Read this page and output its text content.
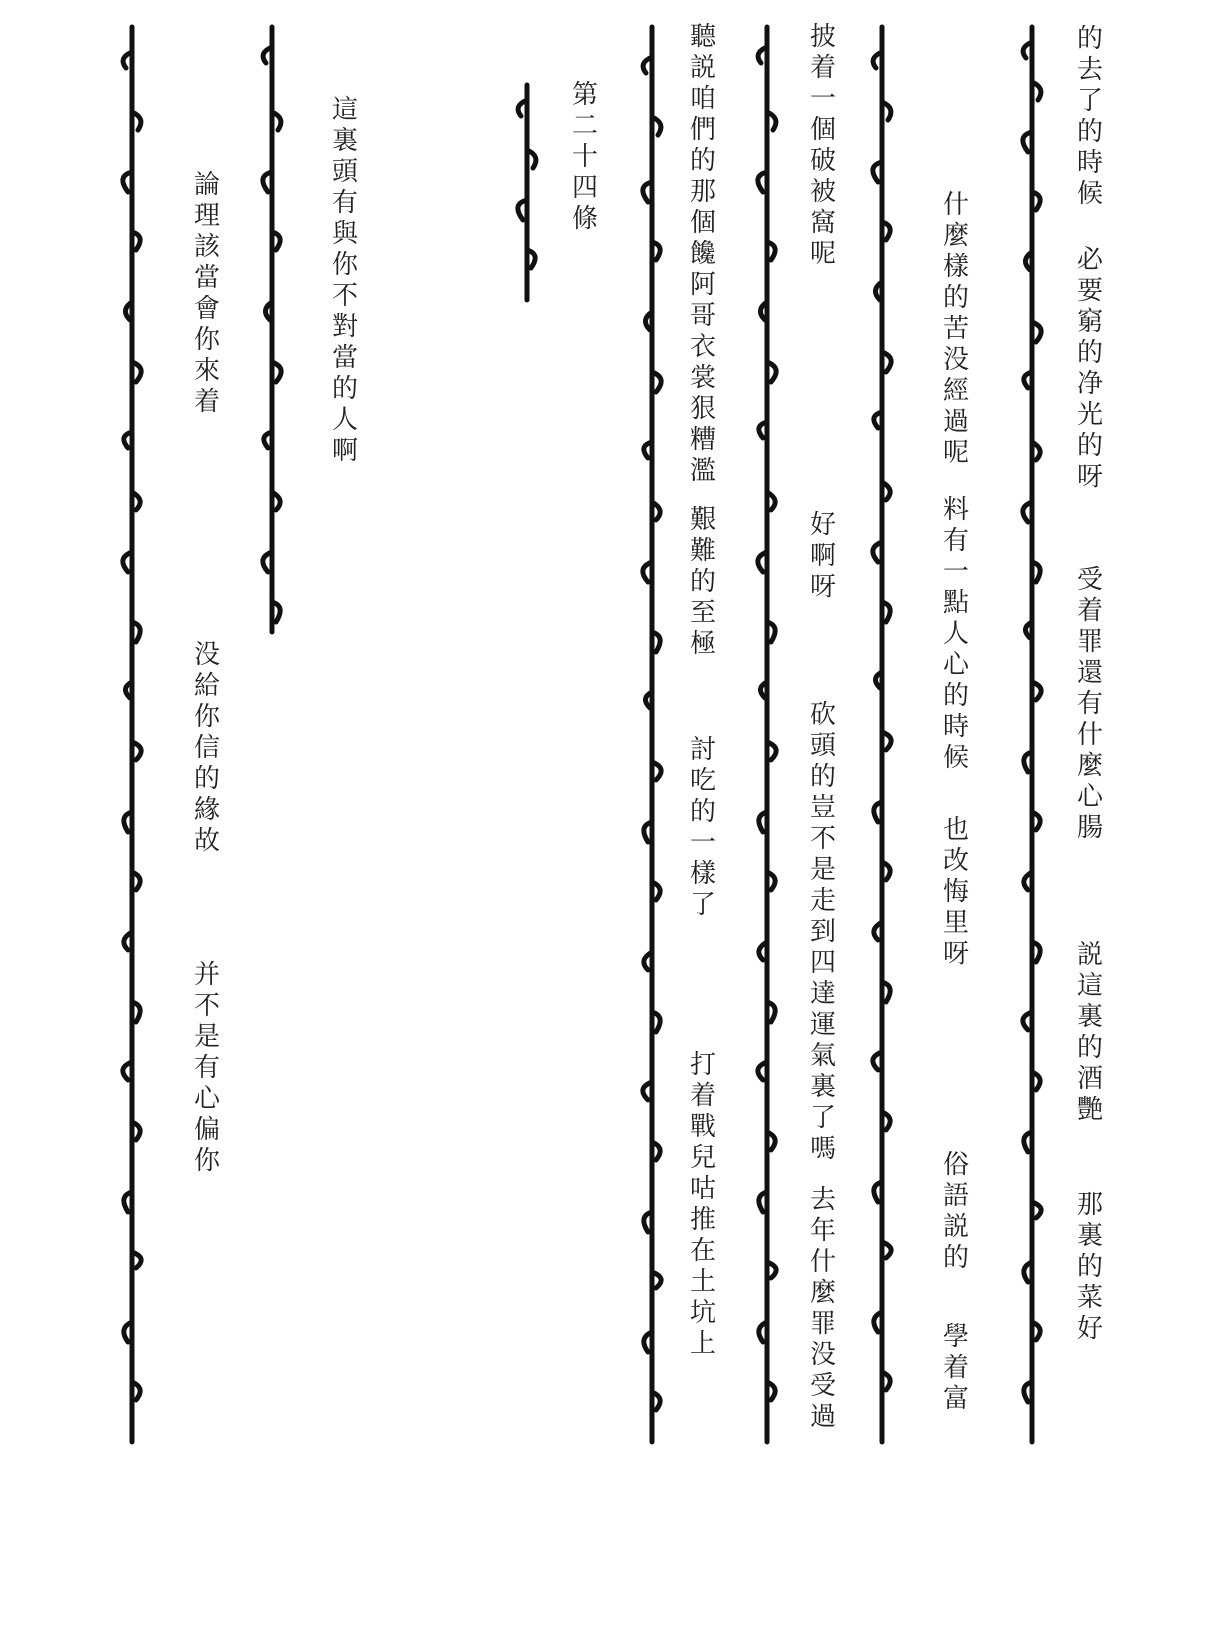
的去了的時候
必要窮的净光的呀
受着罪還有什麼心腸
説這裏的酒艷
那裏的菜好
什麼樣的苦没經過呢
料有一點人心的時候
也改悔里呀
俗語説的
學着富
披着一個破被窩呢
好啊呀
砍頭的豈不是走到四達運氣裏了嗎
去年什麼罪没受過
聽説咱們的那個饞阿哥衣裳狠糟濫
艱難的至極
討吃的一樣了
打着戰兒咕推在土坑上
第二十四條
這裏頭有與你不對當的人啊
論理該當會你來着
没給你信的緣故
并不是有心偏你
